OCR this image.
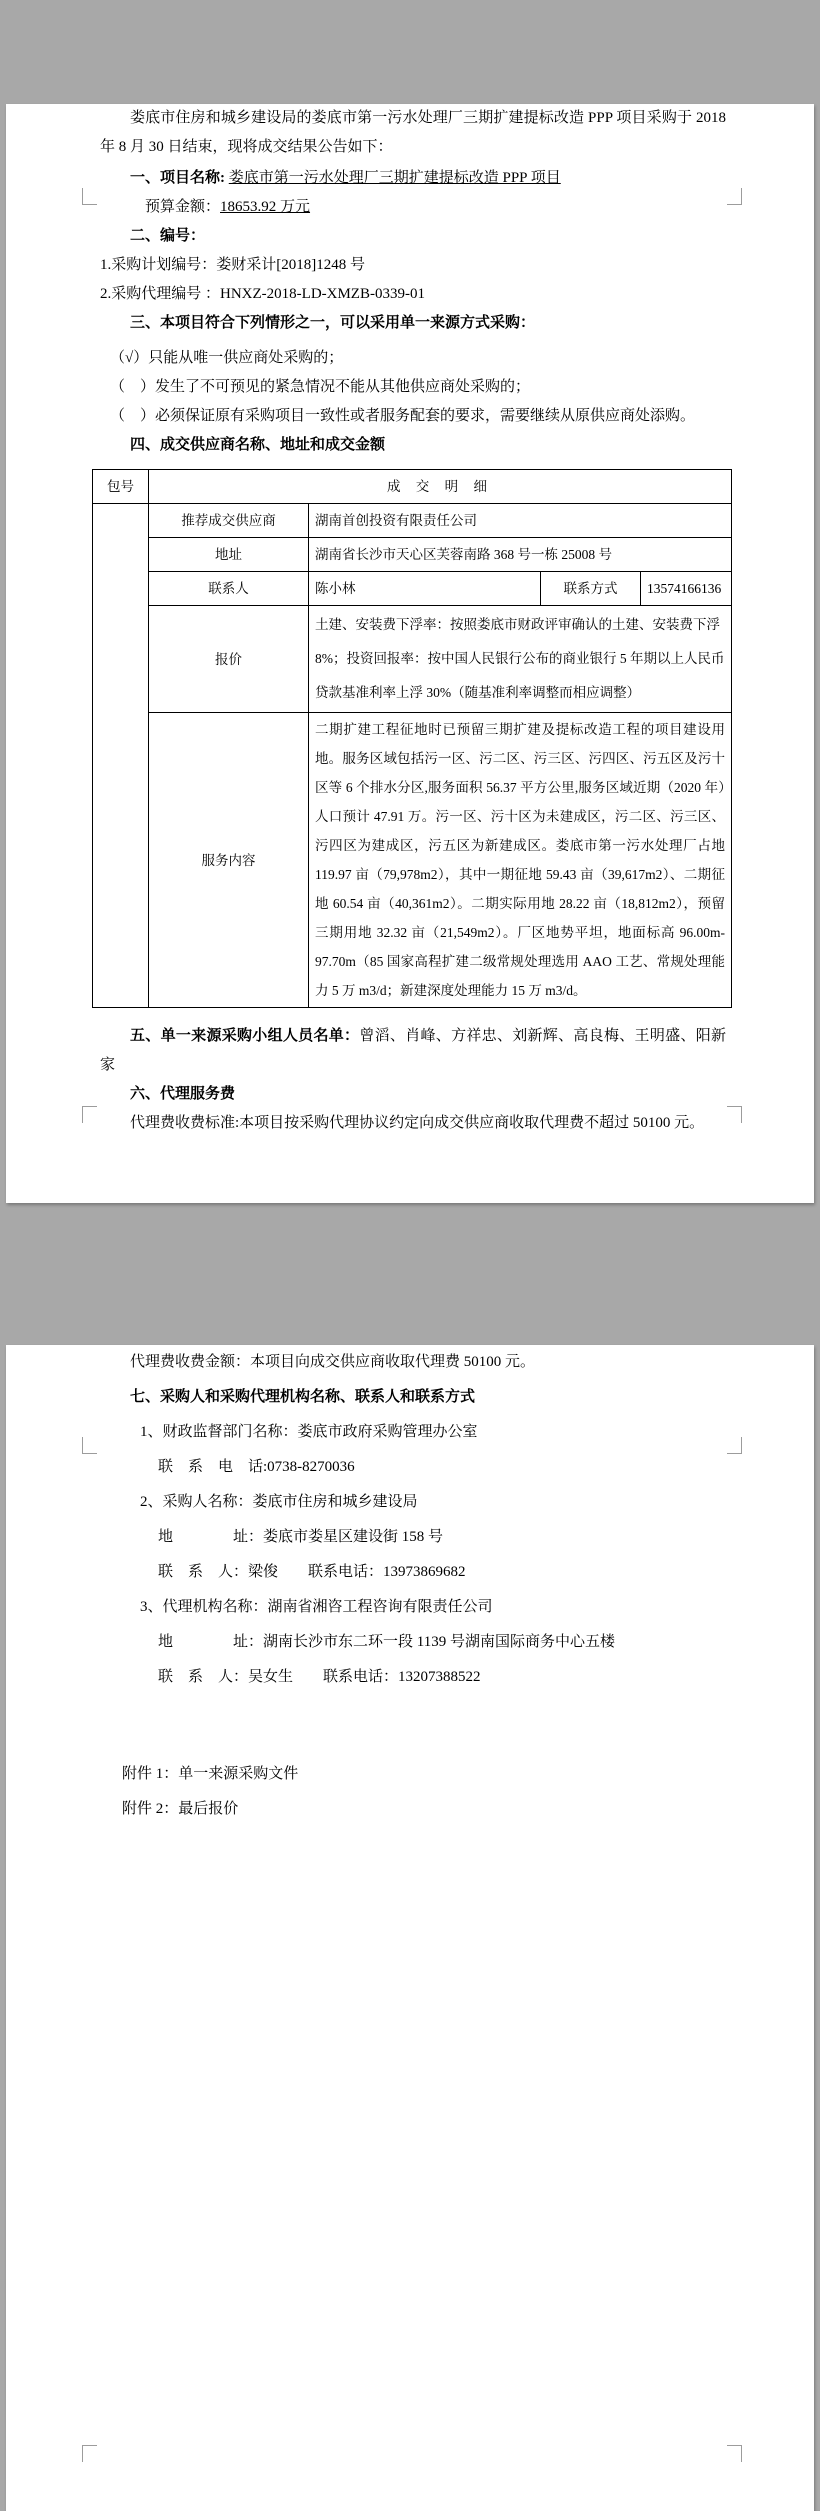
娄底市住房和城乡建设局的娄底市第一污水处理厂三期扩建提标改造 PPP 项目采购于 2018 年 8 月 30 日结束，现将成交结果公告如下：

一、项目名称: 娄底市第一污水处理厂三期扩建提标改造 PPP 项目

预算金额：18653.92 万元

二、编号：

1.采购计划编号：娄财采计[2018]1248 号

2.采购代理编号 ：HNXZ-2018-LD-XMZB-0339-01

三、本项目符合下列情形之一，可以采用单一来源方式采购：

（√）只能从唯一供应商处采购的；

（　）发生了不可预见的紧急情况不能从其他供应商处采购的；

（　）必须保证原有采购项目一致性或者服务配套的要求，需要继续从原供应商处添购。

四、成交供应商名称、地址和成交金额

包号	成 交 明 细			
	推荐成交供应商	湖南首创投资有限责任公司		
	地址	湖南省长沙市天心区芙蓉南路 368 号一栋 25008 号		
	联系人	陈小林	联系方式	13574166136
	报价	土建、安装费下浮率：按照娄底市财政评审确认的土建、安装费下浮 8%；投资回报率：按中国人民银行公布的商业银行 5 年期以上人民币贷款基准利率上浮 30%（随基准利率调整而相应调整）		
	服务内容	二期扩建工程征地时已预留三期扩建及提标改造工程的项目建设用地。服务区域包括污一区、污二区、污三区、污四区、污五区及污十区等 6 个排水分区,服务面积 56.37 平方公里,服务区域近期（2020 年）人口预计 47.91 万。污一区、污十区为未建成区，污二区、污三区、污四区为建成区，污五区为新建成区。娄底市第一污水处理厂占地 119.97 亩（79,978m2），其中一期征地 59.43 亩（39,617m2）、二期征地 60.54 亩（40,361m2）。二期实际用地 28.22 亩（18,812m2），预留三期用地 32.32 亩（21,549m2）。厂区地势平坦，地面标高 96.00m-97.70m（85 国家高程扩建二级常规处理选用 AAO 工艺、常规处理能力 5 万 m3/d；新建深度处理能力 15 万 m3/d。		

五、单一来源采购小组人员名单：曾滔、肖峰、方祥忠、刘新辉、高良梅、王明盛、阳新家

六、代理服务费

代理费收费标准:本项目按采购代理协议约定向成交供应商收取代理费不超过 50100 元。

代理费收费金额：本项目向成交供应商收取代理费 50100 元。

七、采购人和采购代理机构名称、联系人和联系方式

1、财政监督部门名称：娄底市政府采购管理办公室

联　系　电　话:0738-8270036

2、采购人名称：娄底市住房和城乡建设局

地　　　　址：娄底市娄星区建设街 158 号

联　系　人：梁俊　　联系电话：13973869682

3、代理机构名称：湖南省湘咨工程咨询有限责任公司

地　　　　址：湖南长沙市东二环一段 1139 号湖南国际商务中心五楼

联　系　人：吴女生　　联系电话：13207388522

附件 1：单一来源采购文件

附件 2：最后报价
